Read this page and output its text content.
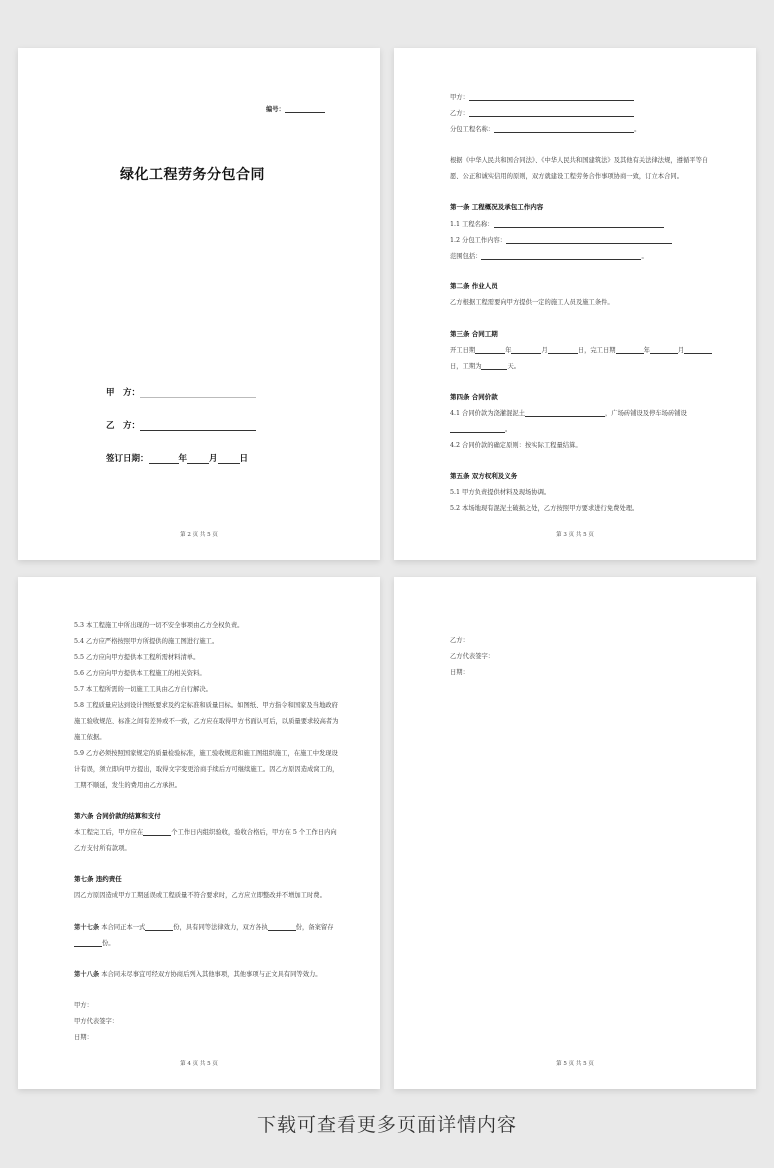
编号：
绿化工程劳务分包合同
甲　方：
乙　方：
签订日期：	年	月	日
第 2 页 共 5 页
甲方：
乙方：
分包工程名称：	。
根据《中华人民共和国合同法》、《中华人民共和国建筑法》及其他有关法律法规，遵循平等自
愿、公正和诚实信用的原则，双方就建设工程劳务合作事项协商一致，订立本合同。
第一条 工程概况及承包工作内容
1.1 工程名称：
1.2 分包工作内容：
范围包括：	。
第二条 作业人员
乙方根据工程需要向甲方提供一定的施工人员及施工条件。
第三条 合同工期
开工日期	年	月	日，完工日期	年	月
日，工期为	天。
第四条 合同价款
4.1 合同价款为浇灌混泥土	，广场砖铺设及停车场砖铺设
。
4.2 合同价款的确定原则：按实际工程量结算。
第五条 双方权利及义务
5.1 甲方负责提供材料及现场协调。
5.2 本场地现有混泥土破损之处，乙方按照甲方要求进行免费处理。
第 3 页 共 5 页
5.3 本工程施工中所出现的一切不安全事项由乙方全权负责。
5.4 乙方应严格按照甲方所提供的施工图进行施工。
5.5 乙方应向甲方提供本工程所需材料清单。
5.6 乙方应向甲方提供本工程施工的相关资料。
5.7 本工程所需的一切施工工具由乙方自行解决。
5.8 工程质量应达到设计图纸要求及约定标准和质量目标。如图纸、甲方指令和国家及当地政府
施工验收规范、标准之间有差异或不一致，乙方应在取得甲方书面认可后，以质量要求较高者为
施工依据。
5.9 乙方必须按照国家规定的质量检验标准，施工验收规范和施工图组织施工，在施工中发现设
计有误，须立即向甲方提出，取得文字变更洽商手续后方可继续施工。因乙方原因造成窝工的，
工期不顺延，发生的费用由乙方承担。
第六条 合同价款的结算和支付
本工程完工后，甲方应在	个工作日内组织验收，验收合格后，甲方在 5 个工作日内向
乙方支付所有款项。
第七条 违约责任
因乙方原因造成甲方工期延误或工程质量不符合要求时，乙方应立即整改并不增加工时费。
第十七条 本合同正本一式	份，具有同等法律效力，双方各执	份，备案留存
份。
第十八条 本合同未尽事宜可经双方协商后列入其他事项，其他事项与正文具有同等效力。
甲方：
甲方代表签字：
日期：
第 4 页 共 5 页
乙方：
乙方代表签字：
日期：
第 5 页 共 5 页
下载可查看更多页面详情内容
